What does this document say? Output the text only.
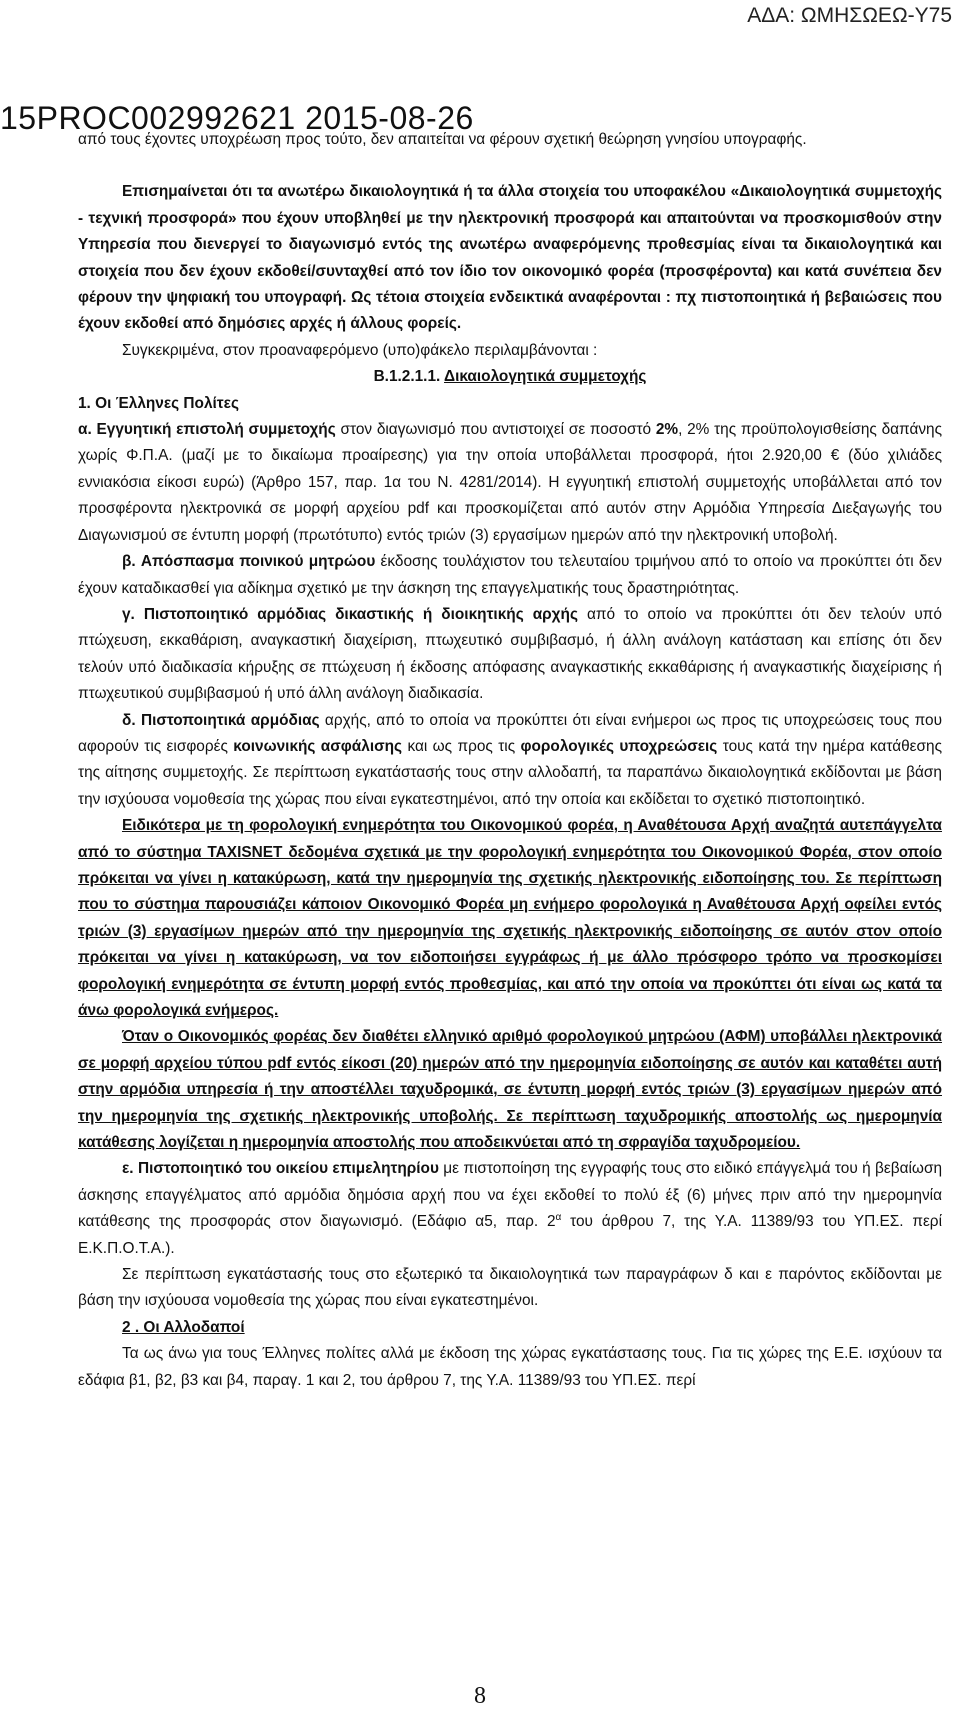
ΑΔΑ: ΩΜΗΣΩΕΩ-Υ75
15PROC002992621 2015-08-26

από τους έχοντες υποχρέωση προς τούτο, δεν απαιτείται να φέρουν σχετική θεώρηση γνησίου υπογραφής.

Επισημαίνεται ότι τα ανωτέρω δικαιολογητικά ή τα άλλα στοιχεία του υποφακέλου «Δικαιολογητικά συμμετοχής - τεχνική προσφορά» που έχουν υποβληθεί με την ηλεκτρονική προσφορά και απαιτούνται να προσκομισθούν στην Υπηρεσία που διενεργεί το διαγωνισμό εντός της ανωτέρω αναφερόμενης προθεσμίας είναι τα δικαιολογητικά και στοιχεία που δεν έχουν εκδοθεί/συνταχθεί από τον ίδιο τον οικονομικό φορέα (προσφέροντα) και κατά συνέπεια δεν φέρουν την ψηφιακή του υπογραφή. Ως τέτοια στοιχεία ενδεικτικά αναφέρονται : πχ πιστοποιητικά ή βεβαιώσεις που έχουν εκδοθεί από δημόσιες αρχές ή άλλους φορείς.

Συγκεκριμένα, στον προαναφερόμενο (υπο)φάκελο περιλαμβάνονται :

Β.1.2.1.1. Δικαιολογητικά συμμετοχής

1. Οι Έλληνες Πολίτες

α. Εγγυητική επιστολή συμμετοχής στον διαγωνισμό που αντιστοιχεί σε ποσοστό 2%, 2% της προϋπολογισθείσης δαπάνης χωρίς Φ.Π.Α. (μαζί με το δικαίωμα προαίρεσης) για την οποία υποβάλλεται προσφορά, ήτοι 2.920,00 € (δύο χιλιάδες εννιακόσια είκοσι ευρώ) (Άρθρο 157, παρ. 1α του Ν. 4281/2014). Η εγγυητική επιστολή συμμετοχής υποβάλλεται από τον προσφέροντα ηλεκτρονικά σε μορφή αρχείου pdf και προσκομίζεται από αυτόν στην Αρμόδια Υπηρεσία Διεξαγωγής του Διαγωνισμού σε έντυπη μορφή (πρωτότυπο) εντός τριών (3) εργασίμων ημερών από την ηλεκτρονική υποβολή.

β. Απόσπασμα ποινικού μητρώου έκδοσης τουλάχιστον του τελευταίου τριμήνου από το οποίο να προκύπτει ότι δεν έχουν καταδικασθεί για αδίκημα σχετικό με την άσκηση της επαγγελματικής τους δραστηριότητας.

γ. Πιστοποιητικό αρμόδιας δικαστικής ή διοικητικής αρχής από το οποίο να προκύπτει ότι δεν τελούν υπό πτώχευση, εκκαθάριση, αναγκαστική διαχείριση, πτωχευτικό συμβιβασμό, ή άλλη ανάλογη κατάσταση και επίσης ότι δεν τελούν υπό διαδικασία κήρυξης σε πτώχευση ή έκδοσης απόφασης αναγκαστικής εκκαθάρισης ή αναγκαστικής διαχείρισης ή πτωχευτικού συμβιβασμού ή υπό άλλη ανάλογη διαδικασία.

δ. Πιστοποιητικά αρμόδιας αρχής, από το οποία να προκύπτει ότι είναι ενήμεροι ως προς τις υποχρεώσεις τους που αφορούν τις εισφορές κοινωνικής ασφάλισης και ως προς τις φορολογικές υποχρεώσεις τους κατά την ημέρα κατάθεσης της αίτησης συμμετοχής. Σε περίπτωση εγκατάστασής τους στην αλλοδαπή, τα παραπάνω δικαιολογητικά εκδίδονται με βάση την ισχύουσα νομοθεσία της χώρας που είναι εγκατεστημένοι, από την οποία και εκδίδεται το σχετικό πιστοποιητικό.

Ειδικότερα με τη φορολογική ενημερότητα του Οικονομικού φορέα, η Αναθέτουσα Αρχή αναζητά αυτεπάγγελτα από το σύστημα TAXISNET δεδομένα σχετικά με την φορολογική ενημερότητα του Οικονομικού Φορέα, στον οποίο πρόκειται να γίνει η κατακύρωση, κατά την ημερομηνία της σχετικής ηλεκτρονικής ειδοποίησης του. Σε περίπτωση που το σύστημα παρουσιάζει κάποιον Οικονομικό Φορέα μη ενήμερο φορολογικά η Αναθέτουσα Αρχή οφείλει εντός τριών (3) εργασίμων ημερών από την ημερομηνία της σχετικής ηλεκτρονικής ειδοποίησης σε αυτόν στον οποίο πρόκειται να γίνει η κατακύρωση, να τον ειδοποιήσει εγγράφως ή με άλλο πρόσφορο τρόπο να προσκομίσει φορολογική ενημερότητα σε έντυπη μορφή εντός προθεσμίας, και από την οποία να προκύπτει ότι είναι ως κατά τα άνω φορολογικά ενήμερος.

Όταν ο Οικονομικός φορέας δεν διαθέτει ελληνικό αριθμό φορολογικού μητρώου (ΑΦΜ) υποβάλλει ηλεκτρονικά σε μορφή αρχείου τύπου pdf εντός είκοσι (20) ημερών από την ημερομηνία ειδοποίησης σε αυτόν και καταθέτει αυτή στην αρμόδια υπηρεσία ή την αποστέλλει ταχυδρομικά, σε έντυπη μορφή εντός τριών (3) εργασίμων ημερών από την ημερομηνία της σχετικής ηλεκτρονικής υποβολής. Σε περίπτωση ταχυδρομικής αποστολής ως ημερομηνία κατάθεσης λογίζεται η ημερομηνία αποστολής που αποδεικνύεται από τη σφραγίδα ταχυδρομείου.

ε. Πιστοποιητικό του οικείου επιμελητηρίου με πιστοποίηση της εγγραφής τους στο ειδικό επάγγελμά του ή βεβαίωση άσκησης επαγγέλματος από αρμόδια δημόσια αρχή που να έχει εκδοθεί το πολύ έξ (6) μήνες πριν από την ημερομηνία κατάθεσης της προσφοράς στον διαγωνισμό. (Εδάφιο α5, παρ. $2^\alpha$ του άρθρου 7, της Υ.Α. 11389/93 του ΥΠ.ΕΣ. περί Ε.Κ.Π.Ο.Τ.Α.).

Σε περίπτωση εγκατάστασής τους στο εξωτερικό τα δικαιολογητικά των παραγράφων δ και ε παρόντος εκδίδονται με βάση την ισχύουσα νομοθεσία της χώρας που είναι εγκατεστημένοι.

2 . Οι Αλλοδαποί

Τα ως άνω για τους Έλληνες πολίτες αλλά με έκδοση της χώρας εγκατάστασης τους. Για τις χώρες της Ε.Ε. ισχύουν τα εδάφια β1, β2, β3 και β4, παραγ. 1 και 2, του άρθρου 7, της Υ.Α. 11389/93 του ΥΠ.ΕΣ. περί

8
